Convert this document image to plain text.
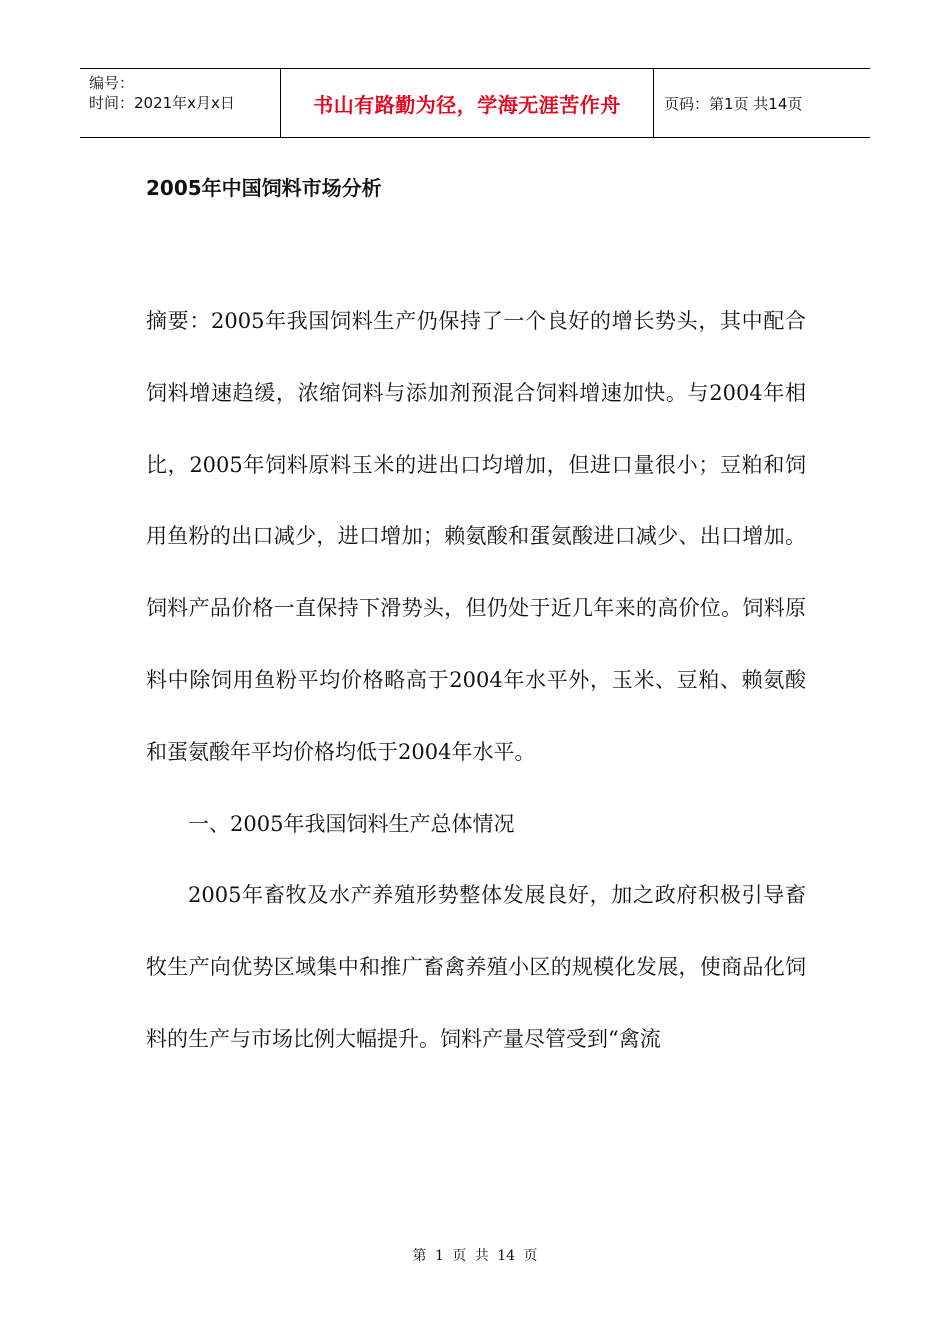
编号：
时间：2021年x月x日	书山有路勤为径，学海无涯苦作舟	页码：第1页 共14页
2005年中国饲料市场分析

摘要：2005年我国饲料生产仍保持了一个良好的增长势头，其中配合饲料增速趋缓，浓缩饲料与添加剂预混合饲料增速加快。与2004年相比，2005年饲料原料玉米的进出口均增加，但进口量很小；豆粕和饲用鱼粉的出口减少，进口增加；赖氨酸和蛋氨酸进口减少、出口增加。饲料产品价格一直保持下滑势头，但仍处于近几年来的高价位。饲料原料中除饲用鱼粉平均价格略高于2004年水平外，玉米、豆粕、赖氨酸和蛋氨酸年平均价格均低于2004年水平。

一、2005年我国饲料生产总体情况

2005年畜牧及水产养殖形势整体发展良好，加之政府积极引导畜牧生产向优势区域集中和推广畜禽养殖小区的规模化发展，使商品化饲料的生产与市场比例大幅提升。饲料产量尽管受到“禽流

第 1 页 共 14 页
